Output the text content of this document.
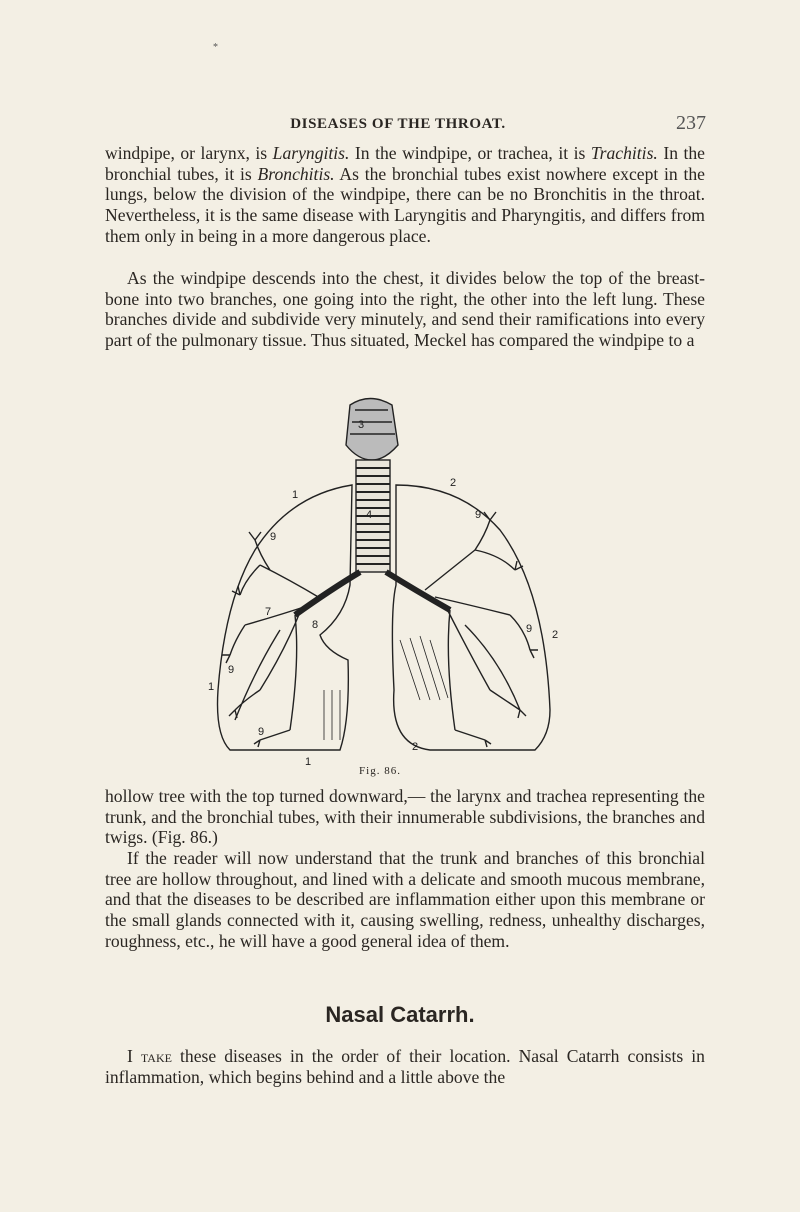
*
DISEASES OF THE THROAT.	237

windpipe, or larynx, is Laryngitis. In the windpipe, or trachea, it is Trachitis. In the bronchial tubes, it is Bronchitis. As the bronchial tubes exist nowhere except in the lungs, below the division of the windpipe, there can be no Bronchitis in the throat. Nevertheless, it is the same disease with Laryngitis and Pharyngitis, and differs from them only in being in a more dangerous place.

As the windpipe descends into the chest, it divides below the top of the breast-bone into two branches, one going into the right, the other into the left lung. These branches divide and subdivide very minutely, and send their ramifications into every part of the pulmonary tissue. Thus situated, Meckel has compared the windpipe to a

3
4
1
2
9
9
7
8
9
2
9
1
9
1
2
Fig. 86.

hollow tree with the top turned downward,— the larynx and trachea representing the trunk, and the bronchial tubes, with their innumerable subdivisions, the branches and twigs. (Fig. 86.)

If the reader will now understand that the trunk and branches of this bronchial tree are hollow throughout, and lined with a delicate and smooth mucous membrane, and that the diseases to be described are inflammation either upon this membrane or the small glands connected with it, causing swelling, redness, unhealthy discharges, roughness, etc., he will have a good general idea of them.

Nasal Catarrh.

I take these diseases in the order of their location. Nasal Catarrh consists in inflammation, which begins behind and a little above the
